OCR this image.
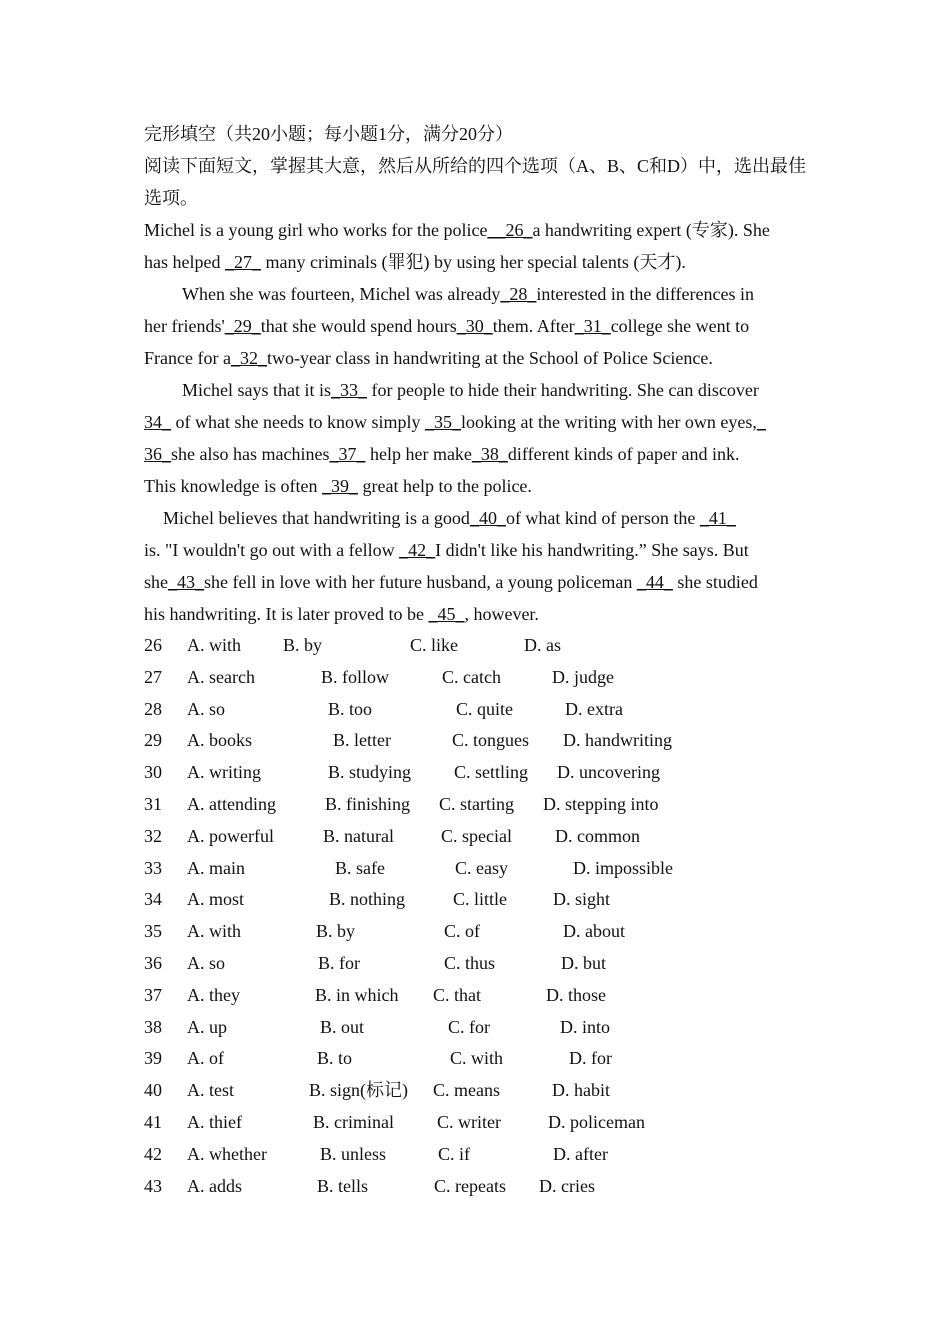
完形填空（共20小题；每小题1分，满分20分）
阅读下面短文，掌握其大意，然后从所给的四个选项（A、B、C和D）中，选出最佳选项。
Michel is a young girl who works for the police__26_a handwriting expert (专家). She
has helped _27_ many criminals (罪犯) by using her special talents (天才).
When she was fourteen, Michel was already_28_interested in the differences in
her friends'_29_that she would spend hours_30_them. After_31_college she went to
France for a_32_two-year class in handwriting at the School of Police Science.
Michel says that it is_33_ for people to hide their handwriting. She can discover
34_ of what she needs to know simply _35_looking at the writing with her own eyes,_
36_she also has machines_37_ help her make_38_different kinds of paper and ink.
This knowledge is often _39_ great help to the police.
Michel believes that handwriting is a good_40_of what kind of person the _41_
is. "I wouldn't go out with a fellow _42_I didn't like his handwriting.” She says. But
she_43_she fell in love with her future husband, a young policeman _44_ she studied
his handwriting. It is later proved to be _45_, however.
26 A. with B. by	C. like	D. as
27 A. search	B. follow	C. catch	D. judge
28 A. so	B. too	C. quite	D. extra
29 A. books	B. letter	C. tongues D. handwriting
30 A. writing	B. studying C. settling D. uncovering
31 A. attending	B. finishing C. starting D. stepping into
32 A. powerful	B. natural	C. special D. common
33 A. main	B. safe	C. easy	D. impossible
34 A. most	B. nothing	C. little	D. sight
35 A. with	B. by	C. of	D. about
36 A. so	B. for	C. thus	D. but
37 A. they	B. in which C. that	D. those
38 A. up	B. out	C. for	D. into
39 A. of	B. to	C. with	D. for
40 A. test	B. sign(标记) C. means	D. habit
41 A. thief	B. criminal C. writer	D. policeman
42 A. whether	B. unless	C. if	D. after
43 A. adds	B. tells	C. repeats D. cries
